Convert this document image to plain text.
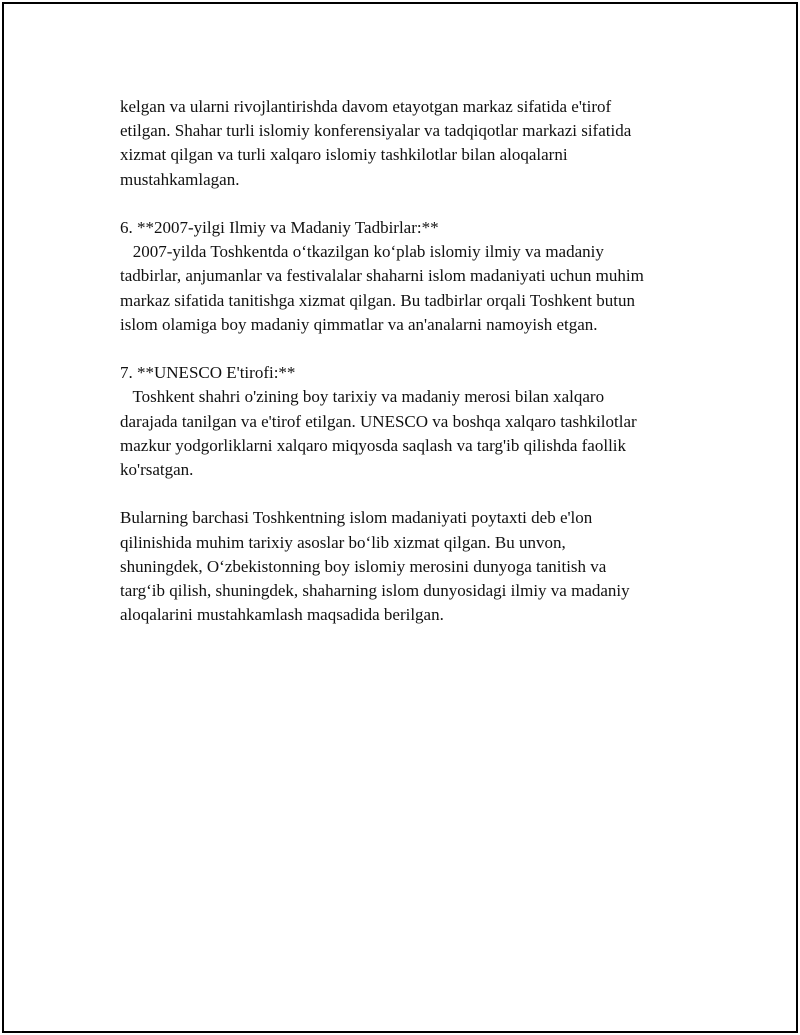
kelgan va ularni rivojlantirishda davom etayotgan markaz sifatida e'tirof
etilgan. Shahar turli islomiy konferensiyalar va tadqiqotlar markazi sifatida
xizmat qilgan va turli xalqaro islomiy tashkilotlar bilan aloqalarni
mustahkamlagan.

6. **2007-yilgi Ilmiy va Madaniy Tadbirlar:**
2007-yilda Toshkentda o‘tkazilgan ko‘plab islomiy ilmiy va madaniy
tadbirlar, anjumanlar va festivalalar shaharni islom madaniyati uchun muhim
markaz sifatida tanitishga xizmat qilgan. Bu tadbirlar orqali Toshkent butun
islom olamiga boy madaniy qimmatlar va an'analarni namoyish etgan.

7. **UNESCO E'tirofi:**
Toshkent shahri o'zining boy tarixiy va madaniy merosi bilan xalqaro
darajada tanilgan va e'tirof etilgan. UNESCO va boshqa xalqaro tashkilotlar
mazkur yodgorliklarni xalqaro miqyosda saqlash va targ'ib qilishda faollik
ko'rsatgan.

Bularning barchasi Toshkentning islom madaniyati poytaxti deb e'lon
qilinishida muhim tarixiy asoslar bo‘lib xizmat qilgan. Bu unvon,
shuningdek, O‘zbekistonning boy islomiy merosini dunyoga tanitish va
targ‘ib qilish, shuningdek, shaharning islom dunyosidagi ilmiy va madaniy
aloqalarini mustahkamlash maqsadida berilgan.
